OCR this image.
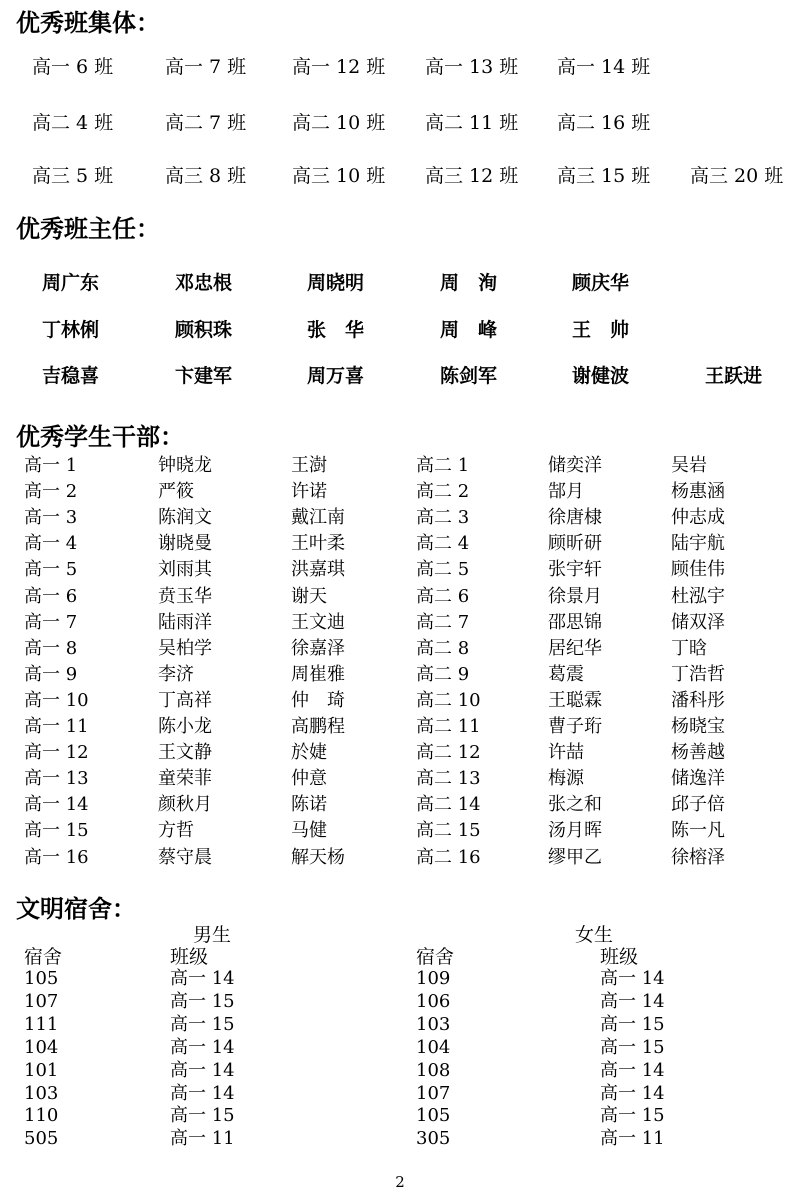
优秀班集体：
优秀班主任：
优秀学生干部：
文明宿舍：
高一 6 班	高一 7 班 高一 12 班 高一 13 班 高一 14 班
高二 4 班	高二 7 班 高二 10 班 高二 11 班 高二 16 班
高三 5 班	高三 8 班 高三 10 班 高三 12 班 高三 15 班 高三 20 班
周广东	邓忠根	周晓明	周　洵	顾庆华
丁林俐	顾积珠	张　华	周　峰	王　帅
吉稳喜	卞建军	周万喜	陈剑军	谢健波	王跃进
高一 1	钟晓龙	王澍	高二 1	储奕洋	吴岩
高一 2	严筱	许诺	高二 2	郜月	杨惠涵
高一 3	陈润文	戴江南	高二 3	徐唐棣	仲志成
高一 4	谢晓曼	王叶柔	高二 4	顾昕研	陆宇航
高一 5	刘雨其	洪嘉琪	高二 5	张宇轩	顾佳伟
高一 6	贲玉华	谢天	高二 6	徐景月	杜泓宇
高一 7	陆雨洋	王文迪	高二 7	邵思锦	储双泽
高一 8	吴柏学	徐嘉泽	高二 8	居纪华	丁晗
高一 9	李济	周崔雅	高二 9	葛震	丁浩哲
高一 10	丁高祥	仲　琦	高二 10	王聪霖	潘科彤
高一 11	陈小龙	高鹏程	高二 11	曹子珩	杨晓宝
高一 12	王文静	於婕	高二 12	许喆	杨善越
高一 13	童荣菲	仲意	高二 13	梅源	储逸洋
高一 14	颜秋月	陈诺	高二 14	张之和	邱子倍
高一 15	方哲	马健	高二 15	汤月晖	陈一凡
高一 16	蔡守晨	解天杨	高二 16	缪甲乙	徐榕泽
男生	女生
宿舍	班级	宿舍	班级
105	高一 14	109	高一 14
107	高一 15	106	高一 14
111	高一 15	103	高一 15
104	高一 14	104	高一 15
101	高一 14	108	高一 14
103	高一 14	107	高一 14
110	高一 15	105	高一 15
505	高一 11	305	高一 11
2
